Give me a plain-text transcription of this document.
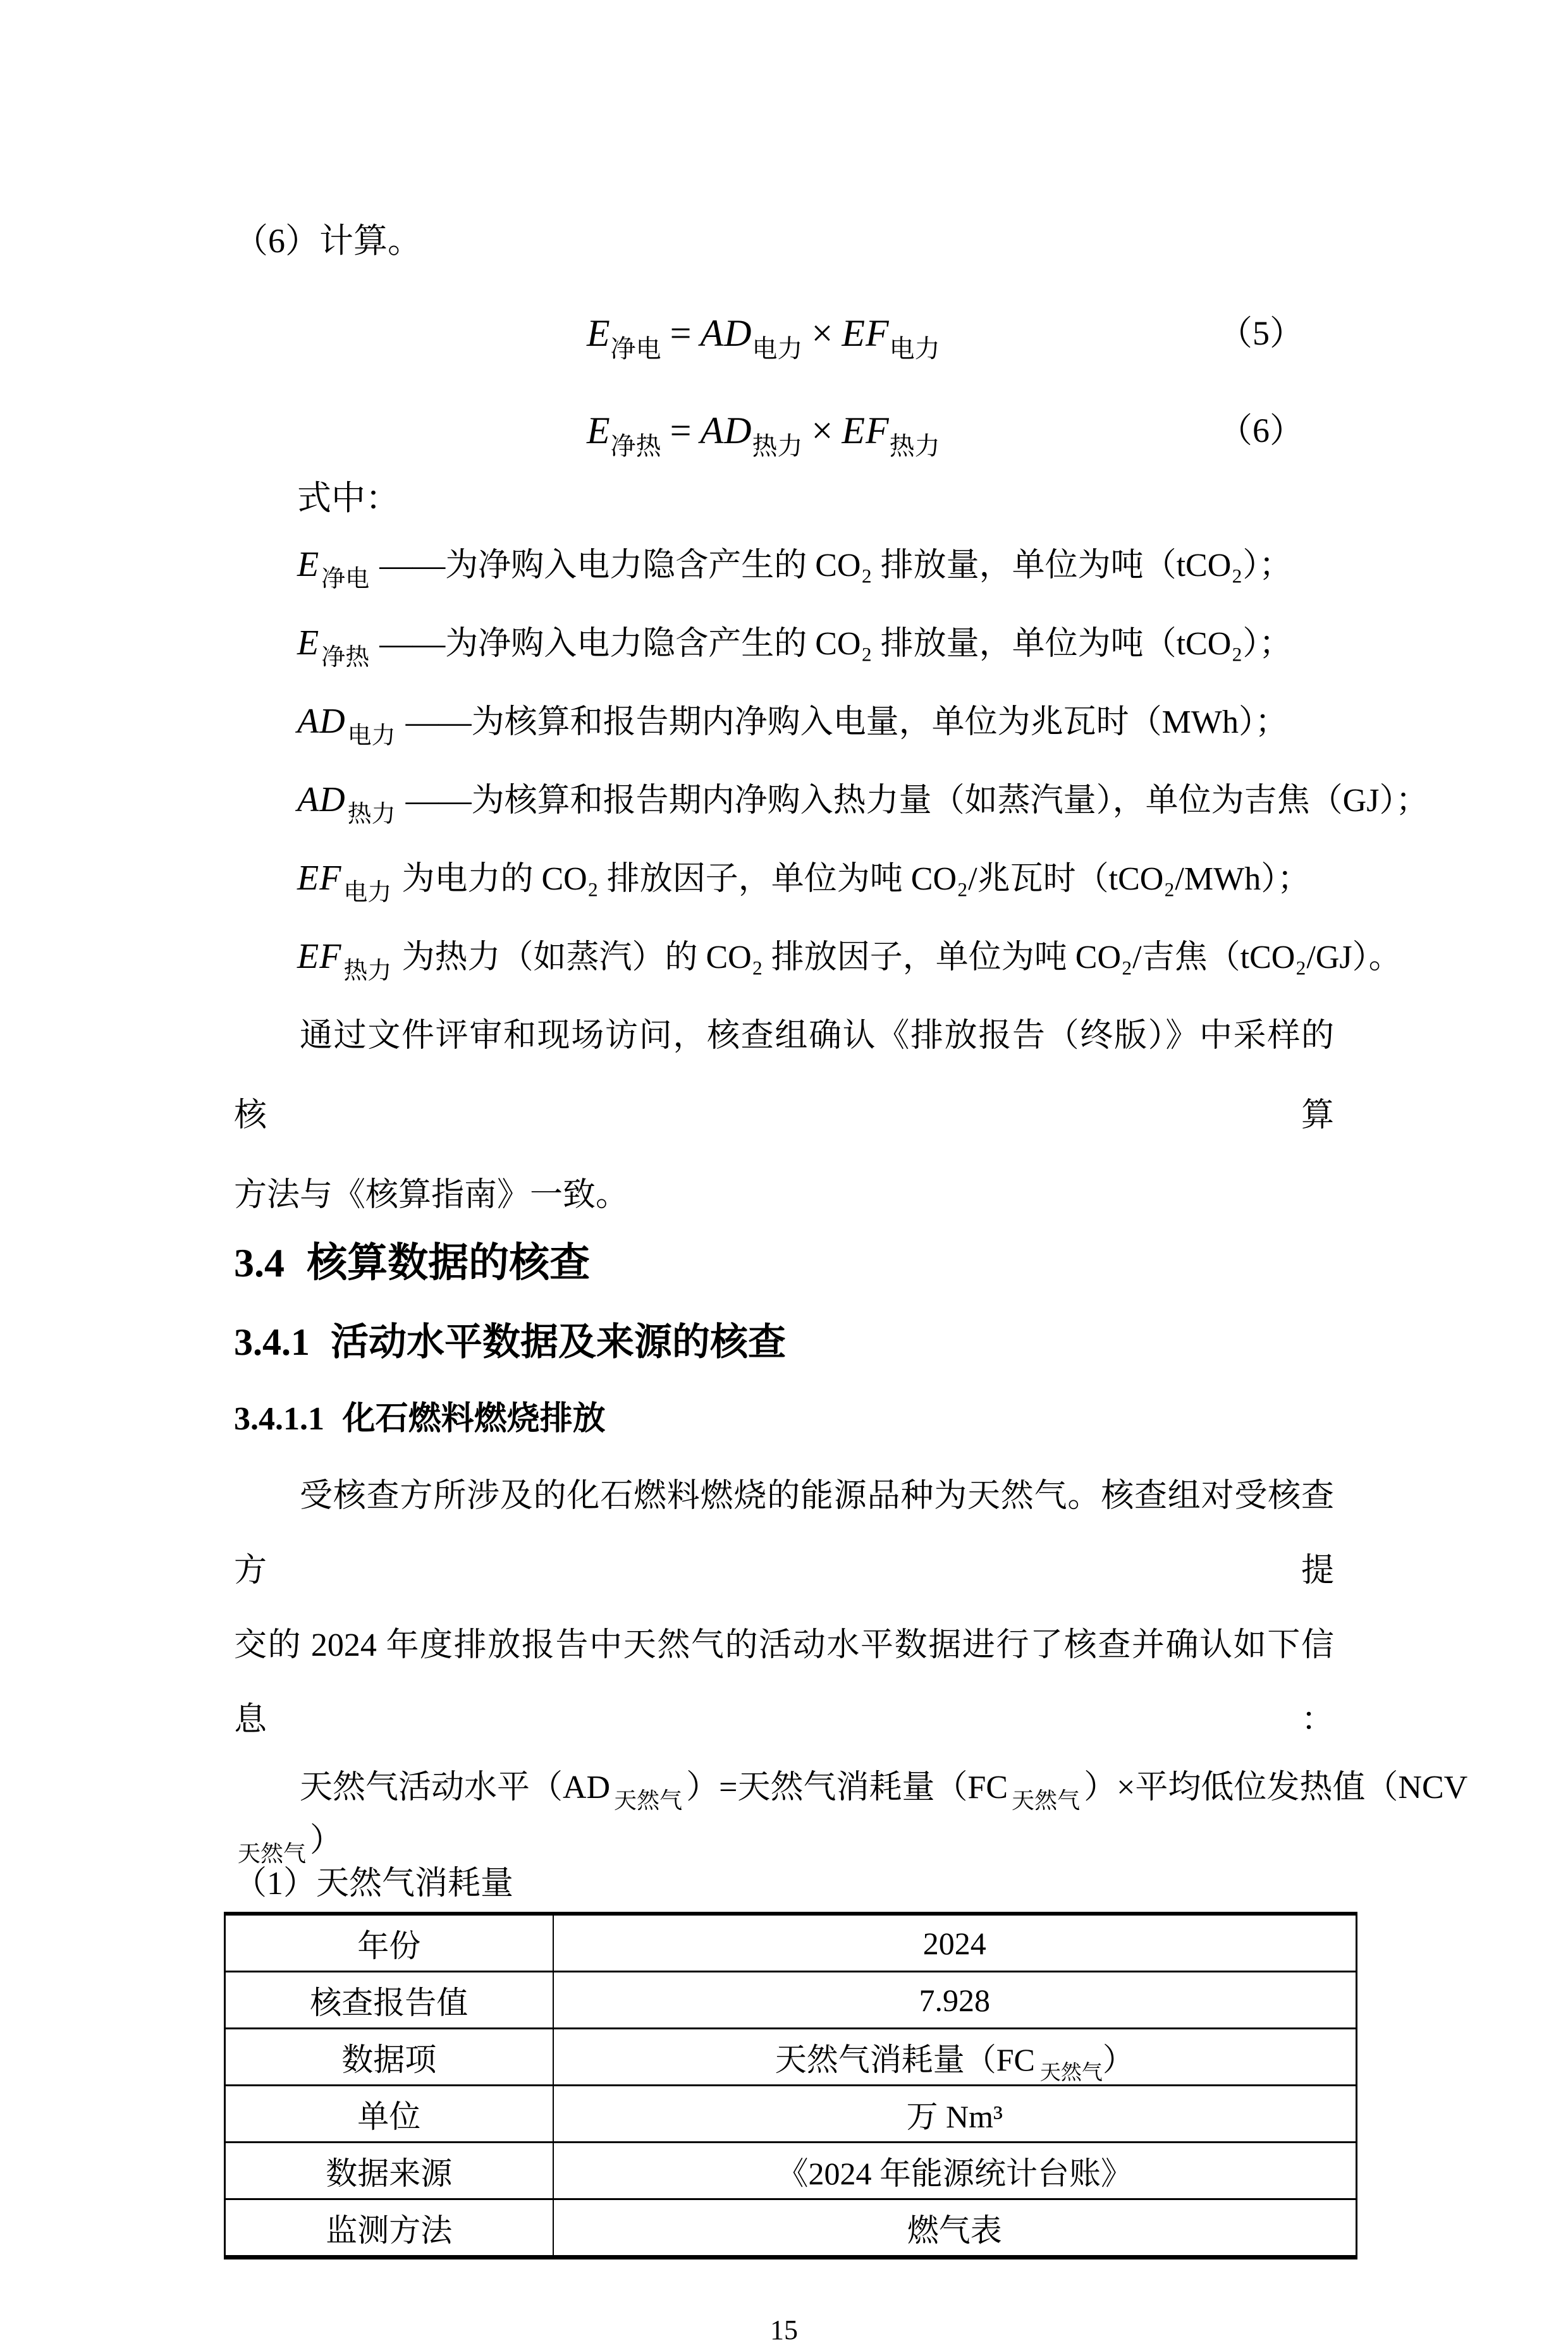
（6）计算。

$E_{净电} = AD_{电力} \times EF_{电力}$	（5）
$E_{净热} = AD_{热力} \times EF_{热力}$	（6）

式中：

$E_{净电}$ ——为净购入电力隐含产生的 CO₂ 排放量，单位为吨（tCO₂）；

$E_{净热}$ ——为净购入电力隐含产生的 CO₂ 排放量，单位为吨（tCO₂）；

$AD_{电力}$ ——为核算和报告期内净购入电量，单位为兆瓦时（MWh）；

$AD_{热力}$ ——为核算和报告期内净购入热力量（如蒸汽量），单位为吉焦（GJ）；

$EF_{电力}$ 为电力的 CO₂ 排放因子，单位为吨 CO₂/兆瓦时（tCO₂/MWh）；

$EF_{热力}$ 为热力（如蒸汽）的 CO₂ 排放因子，单位为吨 CO₂/吉焦（tCO₂/GJ）。

通过文件评审和现场访问，核查组确认《排放报告（终版）》中采样的核算

方法与《核算指南》一致。

3.4 核算数据的核查
3.4.1 活动水平数据及来源的核查
3.4.1.1 化石燃料燃烧排放

受核查方所涉及的化石燃料燃烧的能源品种为天然气。核查组对受核查方提

交的 2024 年度排放报告中天然气的活动水平数据进行了核查并确认如下信息：

天然气活动水平（AD $_{天然气}$ ）=天然气消耗量（FC $_{天然气}$ ）×平均低位发热值（NCV

$_{天然气}$ ）

（1）天然气消耗量

年份	2024
核查报告值	7.928
数据项	天然气消耗量（FC $_{天然气}$）
单位	万 Nm³
数据来源	《2024 年能源统计台账》
监测方法	燃气表

15
